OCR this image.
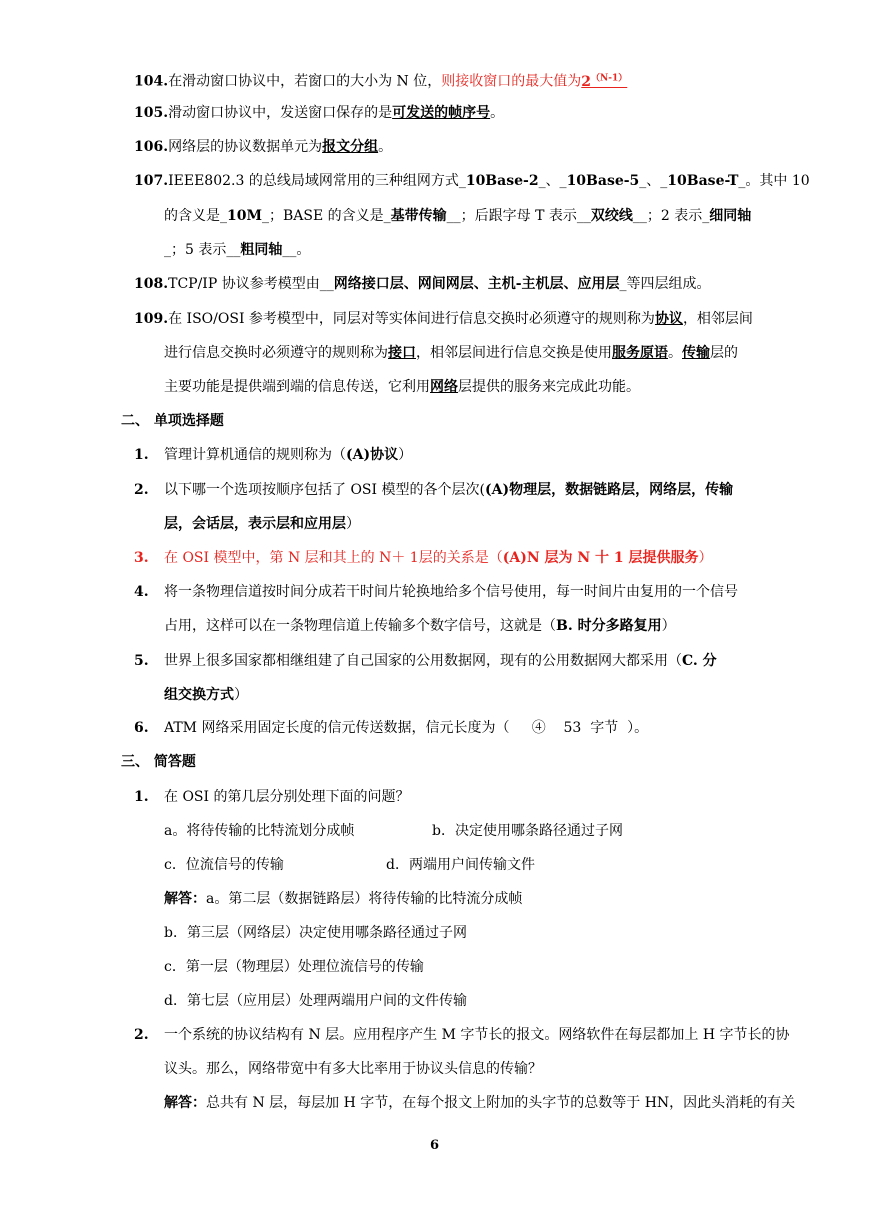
104.在滑动窗口协议中，若窗口的大小为 N 位，则接收窗口的最大值为$2^{(N-1)}$
105.滑动窗口协议中，发送窗口保存的是可发送的帧序号。
106.网络层的协议数据单元为报文分组。
107.IEEE802.3 的总线局域网常用的三种组网方式_10Base-2_、_10Base-5_、_10Base-T_。其中 10
的含义是_10M_；BASE 的含义是_基带传输__；后跟字母 T 表示__双绞线__；2 表示_细同轴
_；5 表示__粗同轴__。
108.TCP/IP 协议参考模型由__网络接口层、网间网层、主机-主机层、应用层_等四层组成。
109.在 ISO/OSI 参考模型中，同层对等实体间进行信息交换时必须遵守的规则称为协议，相邻层间
进行信息交换时必须遵守的规则称为接口，相邻层间进行信息交换是使用服务原语。传输层的
主要功能是提供端到端的信息传送，它利用网络层提供的服务来完成此功能。
二、 单项选择题
1. 管理计算机通信的规则称为（(A)协议）
2. 以下哪一个选项按顺序包括了 OSI 模型的各个层次((A)物理层，数据链路层，网络层，传输
层，会话层，表示层和应用层）
3. 在 OSI 模型中，第 N 层和其上的 N＋ 1层的关系是（(A)N 层为 N 十 1 层提供服务）
4. 将一条物理信道按时间分成若干时间片轮换地给多个信号使用，每一时间片由复用的一个信号
占用，这样可以在一条物理信道上传输多个数字信号，这就是（B. 时分多路复用）
5. 世界上很多国家都相继组建了自己国家的公用数据网，现有的公用数据网大都采用（C. 分
组交换方式）
6. ATM 网络采用固定长度的信元传送数据，信元长度为（     ④    53  字节  ）。
三、 简答题
1. 在 OSI 的第几层分别处理下面的问题？
a。将待传输的比特流划分成帧	b．决定使用哪条路径通过子网
c．位流信号的传输	d．两端用户间传输文件
解答：a。第二层（数据链路层）将待传输的比特流分成帧
b．第三层（网络层）决定使用哪条路径通过子网
c．第一层（物理层）处理位流信号的传输
d．第七层（应用层）处理两端用户间的文件传输
2. 一个系统的协议结构有 N 层。应用程序产生 M 字节长的报文。网络软件在每层都加上 H 字节长的协
议头。那么，网络带宽中有多大比率用于协议头信息的传输？
解答：总共有 N 层，每层加 H 字节，在每个报文上附加的头字节的总数等于 HN，因此头消耗的有关
6
